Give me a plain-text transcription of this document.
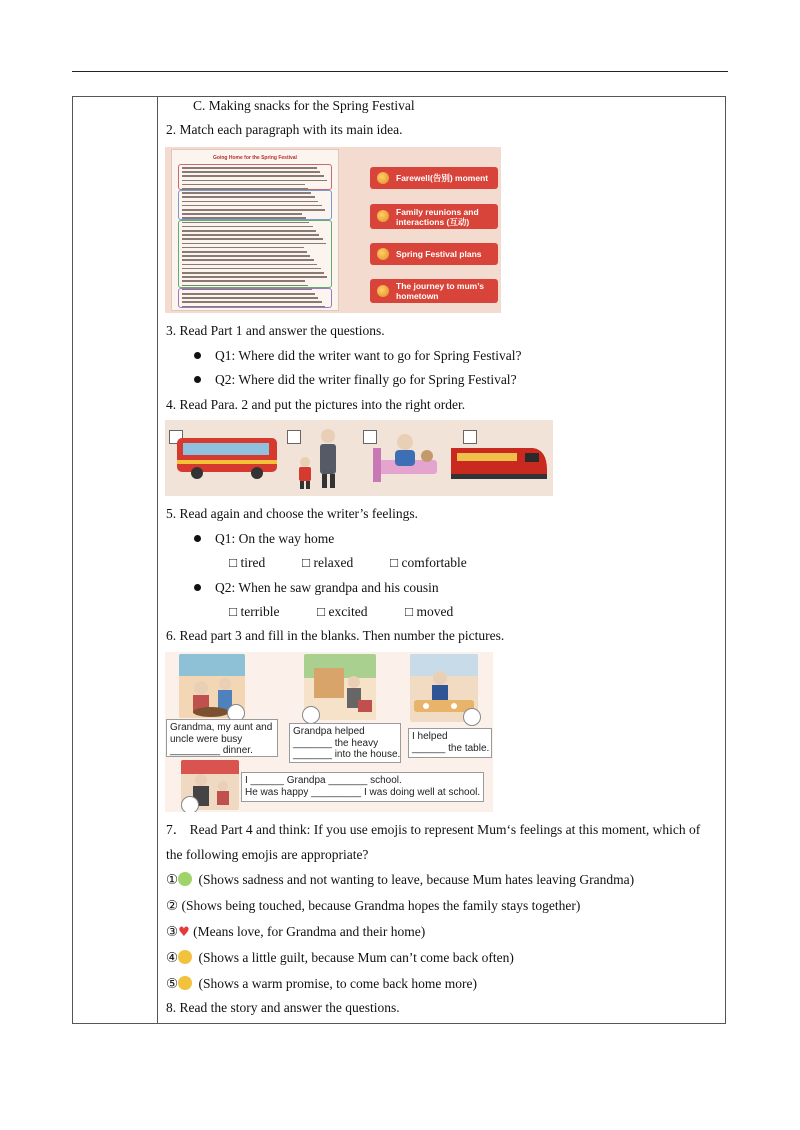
C. Making snacks for the Spring Festival
2. Match each paragraph with its main idea.
Going Home for the Spring Festival
Farewell(告别) moment
Family reunions and interactions (互动)
Spring Festival plans
The journey to mum’s hometown
3. Read Part 1 and answer the questions.
Q1: Where did the writer want to go for Spring Festival?
Q2: Where did the writer finally go for Spring Festival?
4. Read Para. 2 and put the pictures into the right order.
5. Read again and choose the writer’s feelings.
Q1: On the way home
□ tired	□ relaxed	□ comfortable
Q2: When he saw grandpa and his cousin
□ terrible	□ excited	□ moved
6. Read part 3 and fill in the blanks. Then number the pictures.
Grandma, my aunt and
uncle were busy
_________ dinner.
Grandpa helped
_______ the heavy
_______ into the house.
I helped
______ the table.
I ______ Grandpa _______ school.
He was happy _________ I was doing well at school.
7． Read Part 4 and think: If you use emojis to represent Mum‘s feelings at this moment, which of
the following emojis are appropriate?
① (Shows sadness and not wanting to leave, because Mum hates leaving Grandma)
② (Shows being touched, because Grandma hopes the family stays together)
③♥ (Means love, for Grandma and their home)
④ (Shows a little guilt, because Mum can’t come back often)
⑤ (Shows a warm promise, to come back home more)
8. Read the story and answer the questions.
